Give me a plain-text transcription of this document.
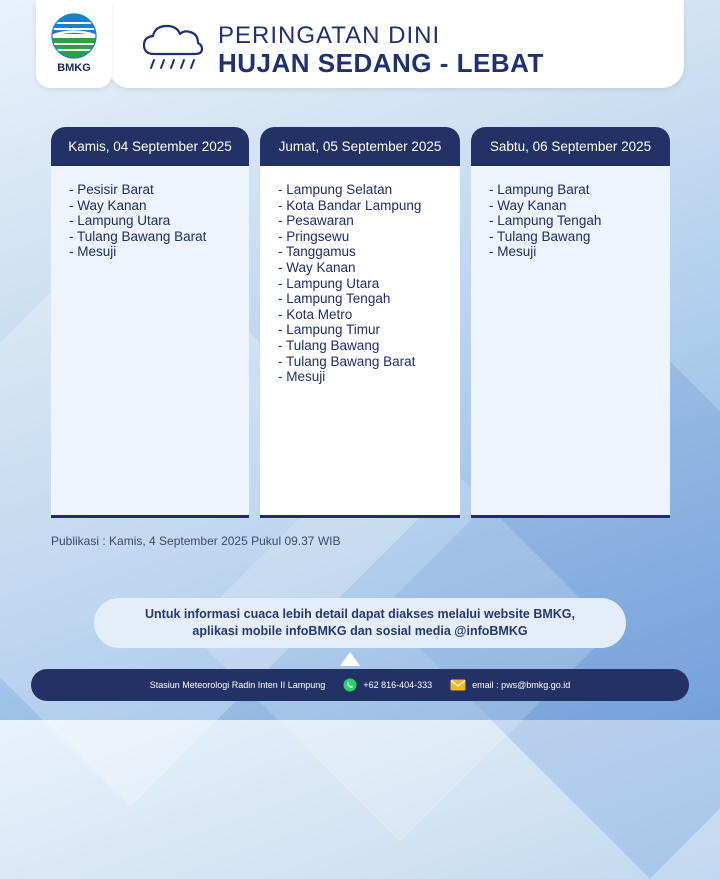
PERINGATAN DINI
HUJAN SEDANG - LEBAT
BMKG
Kamis, 04 September 2025
- Pesisir Barat
- Way Kanan
- Lampung Utara
- Tulang Bawang Barat
- Mesuji
Jumat, 05 September 2025
- Lampung Selatan
- Kota Bandar Lampung
- Pesawaran
- Pringsewu
- Tanggamus
- Way Kanan
- Lampung Utara
- Lampung Tengah
- Kota Metro
- Lampung Timur
- Tulang Bawang
- Tulang Bawang Barat
- Mesuji
Sabtu, 06 September 2025
- Lampung Barat
- Way Kanan
- Lampung Tengah
- Tulang Bawang
- Mesuji
Publikasi : Kamis, 4 September 2025 Pukul 09.37 WIB
Untuk informasi cuaca lebih detail dapat diakses melalui website BMKG,
aplikasi mobile infoBMKG dan sosial media @infoBMKG
Stasiun Meteorologi Radin Inten II Lampung	+62 816-404-333	email : pws@bmkg.go.id
